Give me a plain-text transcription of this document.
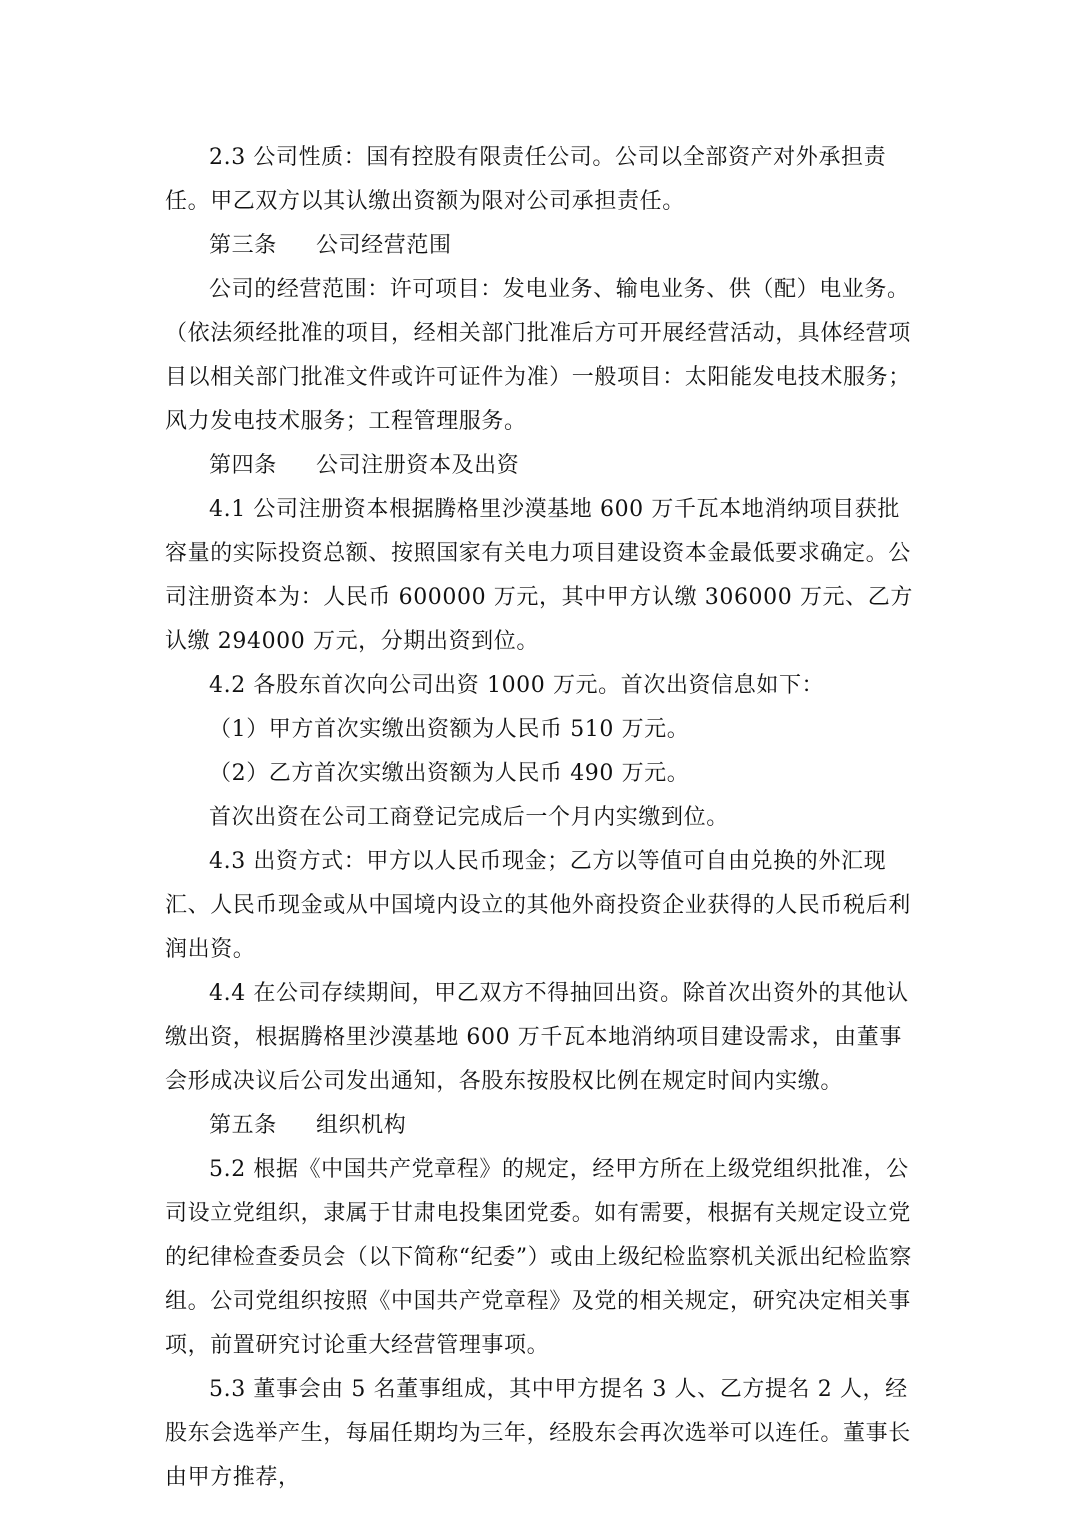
2.3 公司性质：国有控股有限责任公司。公司以全部资产对外承担责任。甲乙双方以其认缴出资额为限对公司承担责任。

第三条  公司经营范围

公司的经营范围：许可项目：发电业务、输电业务、供（配）电业务。（依法须经批准的项目，经相关部门批准后方可开展经营活动，具体经营项目以相关部门批准文件或许可证件为准）一般项目：太阳能发电技术服务；风力发电技术服务；工程管理服务。

第四条  公司注册资本及出资

4.1 公司注册资本根据腾格里沙漠基地 600 万千瓦本地消纳项目获批容量的实际投资总额、按照国家有关电力项目建设资本金最低要求确定。公司注册资本为：人民币 600000 万元，其中甲方认缴 306000 万元、乙方认缴 294000 万元，分期出资到位。

4.2 各股东首次向公司出资 1000 万元。首次出资信息如下：

（1）甲方首次实缴出资额为人民币 510 万元。

（2）乙方首次实缴出资额为人民币 490 万元。

首次出资在公司工商登记完成后一个月内实缴到位。

4.3 出资方式：甲方以人民币现金；乙方以等值可自由兑换的外汇现汇、人民币现金或从中国境内设立的其他外商投资企业获得的人民币税后利润出资。

4.4 在公司存续期间，甲乙双方不得抽回出资。除首次出资外的其他认缴出资，根据腾格里沙漠基地 600 万千瓦本地消纳项目建设需求，由董事会形成决议后公司发出通知，各股东按股权比例在规定时间内实缴。

第五条  组织机构

5.2 根据《中国共产党章程》的规定，经甲方所在上级党组织批准，公司设立党组织，隶属于甘肃电投集团党委。如有需要，根据有关规定设立党的纪律检查委员会（以下简称“纪委”）或由上级纪检监察机关派出纪检监察组。公司党组织按照《中国共产党章程》及党的相关规定，研究决定相关事项，前置研究讨论重大经营管理事项。

5.3 董事会由 5 名董事组成，其中甲方提名 3 人、乙方提名 2 人，经股东会选举产生，每届任期均为三年，经股东会再次选举可以连任。董事长由甲方推荐，
